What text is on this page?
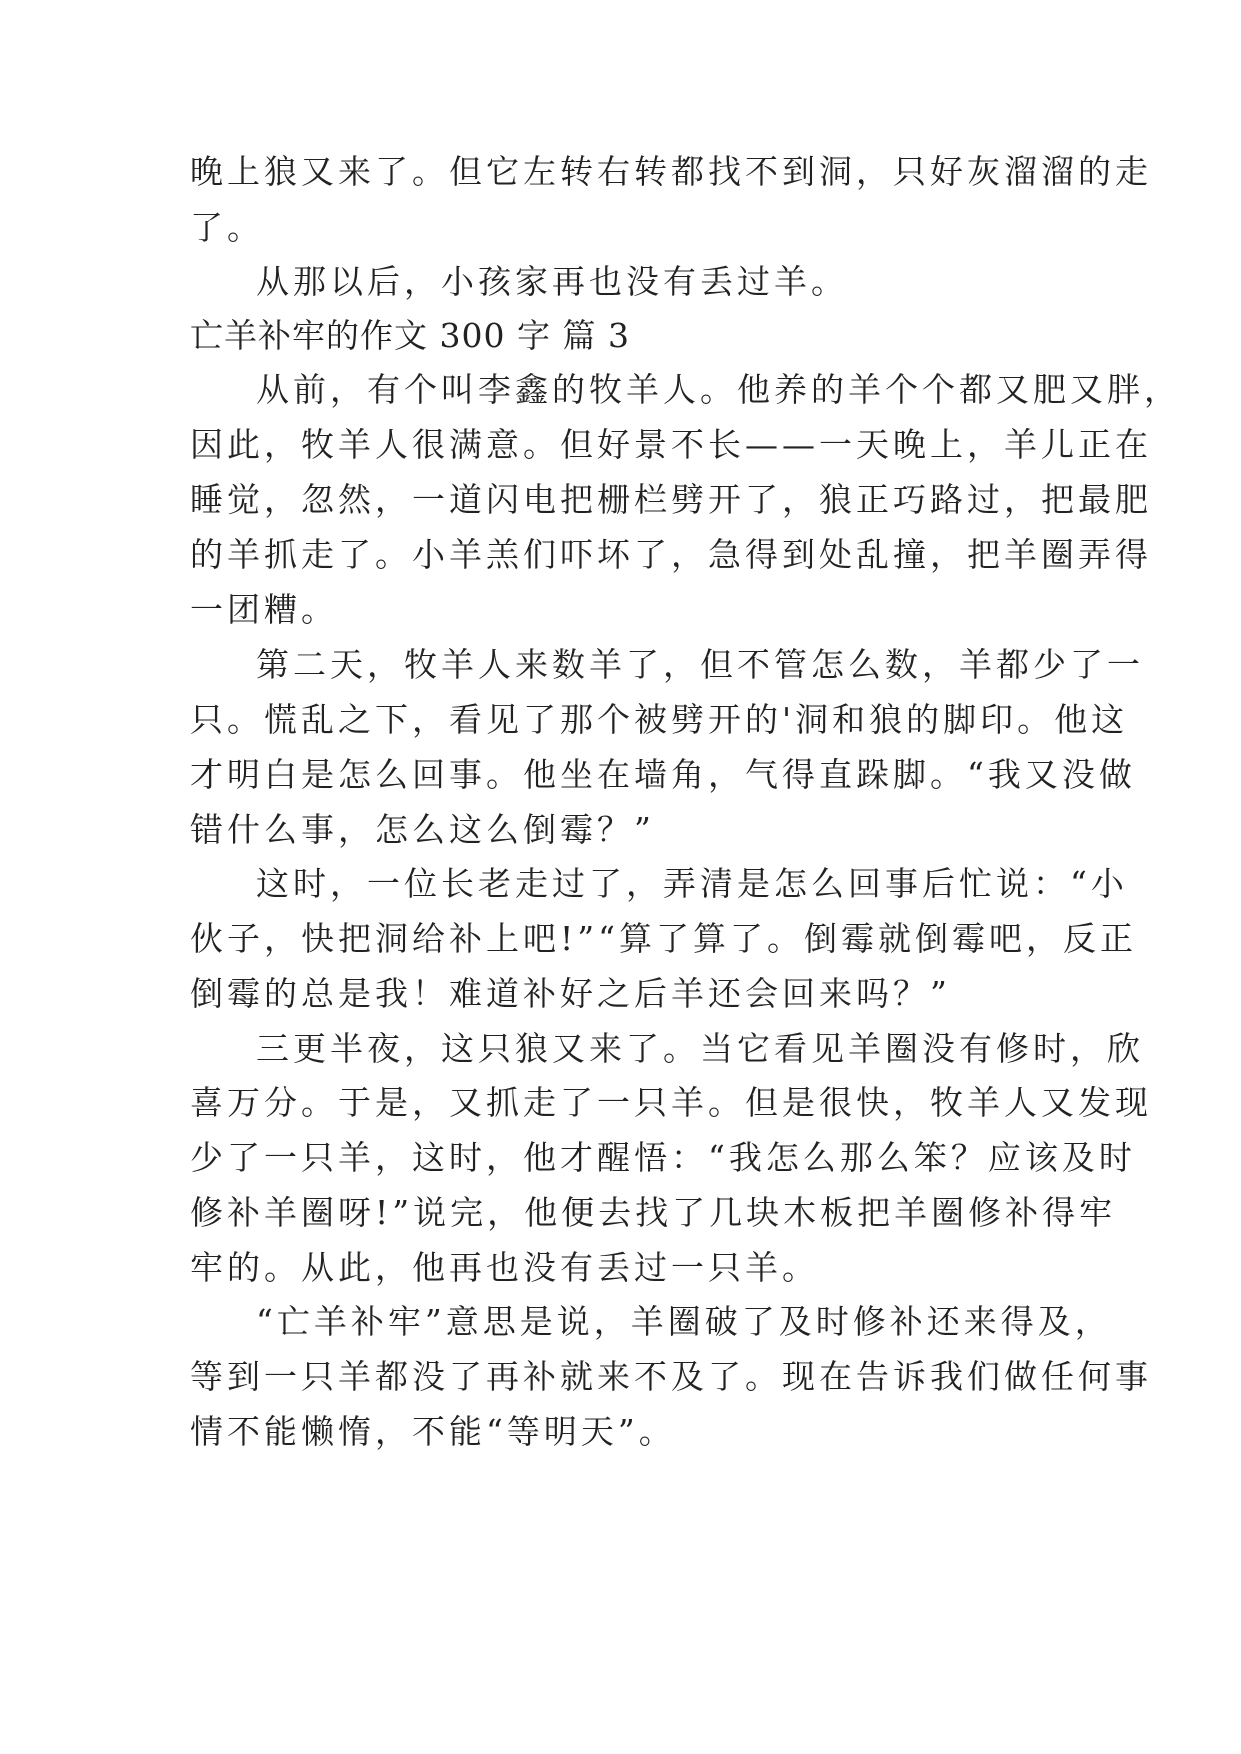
晚上狼又来了。但它左转右转都找不到洞，只好灰溜溜的走
了。
从那以后，小孩家再也没有丢过羊。
亡羊补牢的作文 300 字 篇 3
从前，有个叫李鑫的牧羊人。他养的羊个个都又肥又胖，
因此，牧羊人很满意。但好景不长——一天晚上，羊儿正在
睡觉，忽然，一道闪电把栅栏劈开了，狼正巧路过，把最肥
的羊抓走了。小羊羔们吓坏了，急得到处乱撞，把羊圈弄得
一团糟。
第二天，牧羊人来数羊了，但不管怎么数，羊都少了一
只。慌乱之下，看见了那个被劈开的'洞和狼的脚印。他这
才明白是怎么回事。他坐在墙角，气得直跺脚。“我又没做
错什么事，怎么这么倒霉？”
这时，一位长老走过了，弄清是怎么回事后忙说：“小
伙子，快把洞给补上吧!”“算了算了。倒霉就倒霉吧，反正
倒霉的总是我！难道补好之后羊还会回来吗？”
三更半夜，这只狼又来了。当它看见羊圈没有修时，欣
喜万分。于是，又抓走了一只羊。但是很快，牧羊人又发现
少了一只羊，这时，他才醒悟：“我怎么那么笨？应该及时
修补羊圈呀!”说完，他便去找了几块木板把羊圈修补得牢
牢的。从此，他再也没有丢过一只羊。
“亡羊补牢”意思是说，羊圈破了及时修补还来得及，
等到一只羊都没了再补就来不及了。现在告诉我们做任何事
情不能懒惰，不能“等明天”。
